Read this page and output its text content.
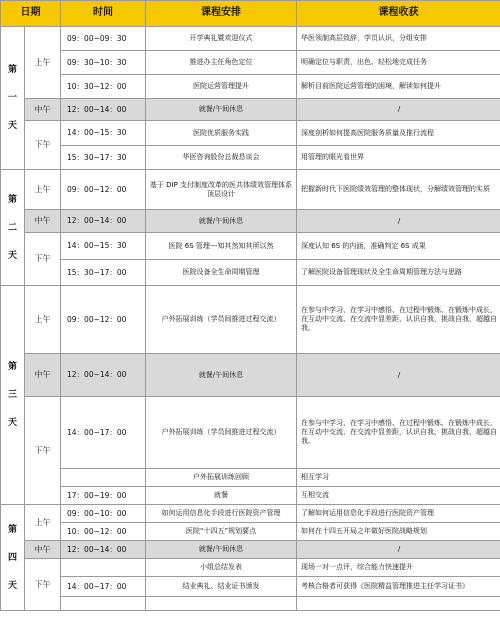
日期		时间	课程安排	课程收获

第
一
天	上午	09：00~09：30	开学典礼暨欢迎仪式	华医领制高层致辞，学员认识，分组安排
		09：30~10：30	推进办主任角色定位	明确定位与职责，出色、轻松地完成任务
		10：30~12：00	医院运营管理提升	解析目前医院运营管理的困境，解读如何提升
	中午	12：00~14：00	就餐/午间休息	/
	下午	14：00~15：30	医院优质服务实践	深度剖析如何提高医院服务质量及推行流程
		15：30~17：30	华医咨询股份总裁恳谈会	用管理的眼光看世界

第
二
天	上午	09：00~12：00	基于 DIP 支付制度改革的医共体绩效管理体系顶层设计	把握新时代下医院绩效管理的整体现状，分解绩效管理的实质
	中午	12：00~14：00	就餐/午间休息	/
	下午	14：00~15：30	医院 6S 管理---知其然知其所以然	深度认知 6S 的内涵，准确判定 6S 成果
		15：30~17：00	医院设备全生命周期管理	了解医院设备管理现状及全生命周期管理方法与思路

第
三
天	上午	09：00~12：00	户外拓展训练（学员间推进过程交流）	在参与中学习、在学习中感悟、在过程中锻炼、在锻炼中成长，在互动中交流、在交流中显差距，认识自我，挑战自我，超越自我。
	中午	12：00~14：00	就餐/午间休息	/
	下午	14：00~17：00	户外拓展训练（学员间推进过程交流）	在参与中学习、在学习中感悟、在过程中锻炼、在锻炼中成长，在互动中交流、在交流中显差距，认识自我，挑战自我，超越自我。
			户外拓展训练回顾	相互学习
		17：00~19：00	就餐	互相交流

第
四
天	上午	09：00~10：00	如何运用信息化手段进行医院资产管理	了解如何运用信息化手段进行医院资产管理
		10：00~12：00	医院“十四五”规划要点	如何在十四五开局之年做好医院战略规划
	中午	12：00~14：00	就餐/午间休息	/
	下午		小组总结发表	现场一对一点评，综合能力快速提升
		14：00~17：00	结业典礼、结业证书颁发	考核合格者可获得《医院精益管理推进主任学习证书》
